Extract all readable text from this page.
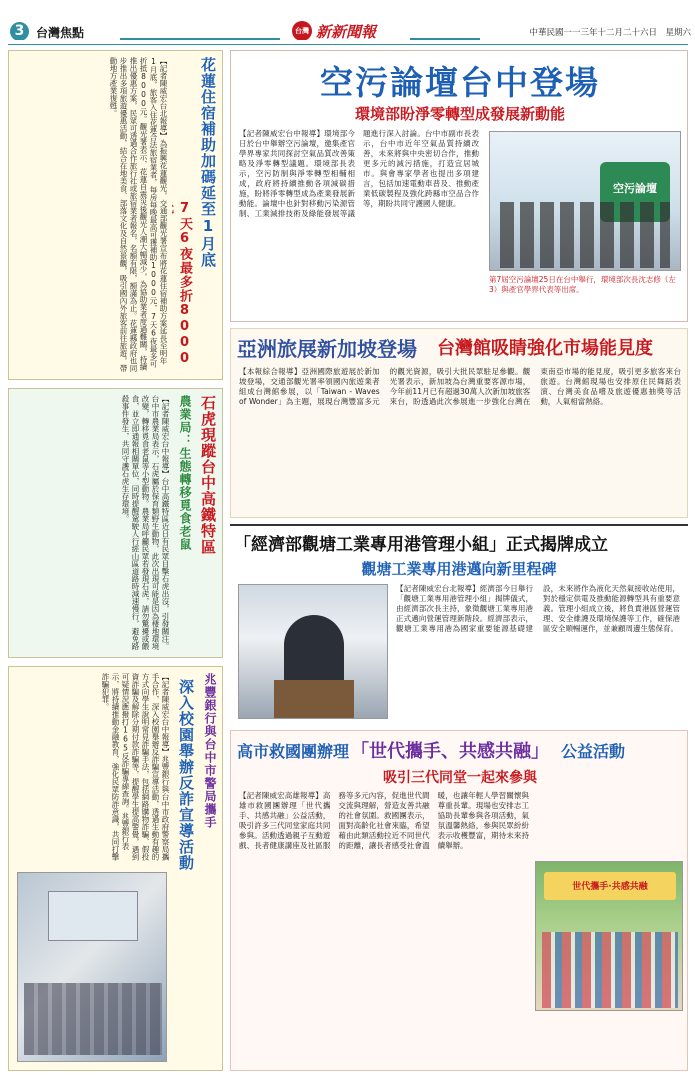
3 台灣焦點	台灣 新新聞報	中華民國一一三年十二月二十六日　星期六
花蓮住宿補助加碼延至1月底
7天6夜最多折8000
【記者陳威宏台北報導】為振興花蓮觀光，交通部觀光署宣布將花蓮住宿補助方案延長至明年1月底，旅客入住花蓮合法旅宿業者，每房每晚最高可獲補助1000元，7天6夜最多可折抵8000元。觀光署表示，花蓮自震災後觀光人潮大幅減少，為協助業者度過難關，持續推出優惠方案，民眾可透過合作旅行社或旅宿業者報名，名額有限，額滿為止。花蓮縣政府也同步推出多項旅遊優惠活動，結合在地美食、部落文化及自然景觀，吸引國內外旅客前往旅遊，帶動地方產業復甦。
石虎現蹤台中高鐵特區
農業局：生態轉移覓食老鼠
【記者陳威宏台中報導】台中高鐵特區近日有民眾目擊石虎出沒，引發關注。台中市農業局表示，石虎屬於保育類野生動物，此次出現可能是因為棲地環境改變，轉移覓食老鼠等小型動物。農業局呼籲民眾若發現石虎，請勿驚擾或餵食，並立即通報相關單位，同時提醒駕駛人行經山區道路時減速慢行，避免路殺事件發生，共同守護石虎生存環境。
兆豐銀行與台中市警局攜手
深入校園舉辦反詐宣導活動
【記者陳威宏台中報導】兆豐銀行與台中市政府警察局攜手合作，深入校園舉辦反詐騙宣導活動，透過生動有趣的方式向學生說明常見詐騙手法，包括網路購物詐騙、假投資詐騙及解除分期付款詐騙等，提醒學生提高警覺，遇到可疑情況應撥打165反詐騙專線查詢。兆豐銀行表示，將持續推動金融教育，強化民眾防詐意識，共同打擊詐騙犯罪。
空污論壇台中登場
環境部盼淨零轉型成發展新動能
【記者陳威宏台中報導】環境部今日於台中舉辦空污論壇，邀集產官學界專家共同探討空氣品質改善策略及淨零轉型議題。環境部長表示，空污防制與淨零轉型相輔相成，政府將持續推動各項減碳措施，盼將淨零轉型成為產業發展新動能。論壇中也針對移動污染源管制、工業減排技術及綠能發展等議題進行深入討論。台中市副市長表示，台中市近年空氣品質持續改善，未來將與中央密切合作，推動更多元的減污措施，打造宜居城市。與會專家學者也提出多項建言，包括加速電動車普及、推動產業低碳製程及強化跨縣市空品合作等，期盼共同守護國人健康。
空污論壇
第7屆空污論壇25日在台中舉行，環境部次長沈志修（左3）與產官學界代表等出席。
亞洲旅展新加坡登場	台灣館吸睛強化市場能見度
【本報綜合報導】亞洲國際旅遊展於新加坡登場，交通部觀光署率領國內旅遊業者組成台灣館參展，以「Taiwan - Waves of Wonder」為主題，展現台灣豐富多元的觀光資源，吸引大批民眾駐足參觀。觀光署表示，新加坡為台灣重要客源市場，今年前11月已有超過30萬人次新加坡旅客來台，盼透過此次參展進一步強化台灣在東南亞市場的能見度，吸引更多旅客來台旅遊。台灣館現場也安排原住民舞蹈表演、台灣美食品嚐及旅遊優惠抽獎等活動，人氣相當熱絡。
「經濟部觀塘工業專用港管理小組」正式揭牌成立
觀塘工業專用港邁向新里程碑
【記者陳威宏台北報導】經濟部今日舉行「觀塘工業專用港管理小組」揭牌儀式，由經濟部次長主持，象徵觀塘工業專用港正式邁向營運管理新階段。經濟部表示，觀塘工業專用港為國家重要能源基礎建設，未來將作為液化天然氣接收站使用，對於穩定供電及推動能源轉型具有重要意義。管理小組成立後，將負責港區營運管理、安全維護及環境保護等工作，確保港區安全順暢運作，並兼顧周邊生態保育。
高市救國團辦理 「世代攜手、共感共融」 公益活動
吸引三代同堂一起來參與
【記者陳威宏高雄報導】高雄市救國團辦理「世代攜手、共感共融」公益活動，吸引許多三代同堂家庭共同參與。活動透過親子互動遊戲、長者健康講座及社區服務等多元內容，促進世代間交流與理解，營造友善共融的社會氛圍。救國團表示，面對高齡化社會來臨，希望藉由此類活動拉近不同世代的距離，讓長者感受社會溫暖，也讓年輕人學習關懷與尊重長輩。現場也安排志工協助長輩參與各項活動，氣氛溫馨熱絡，參與民眾紛紛表示收穫豐富，期待未來持續舉辦。
世代攜手·共感共融
